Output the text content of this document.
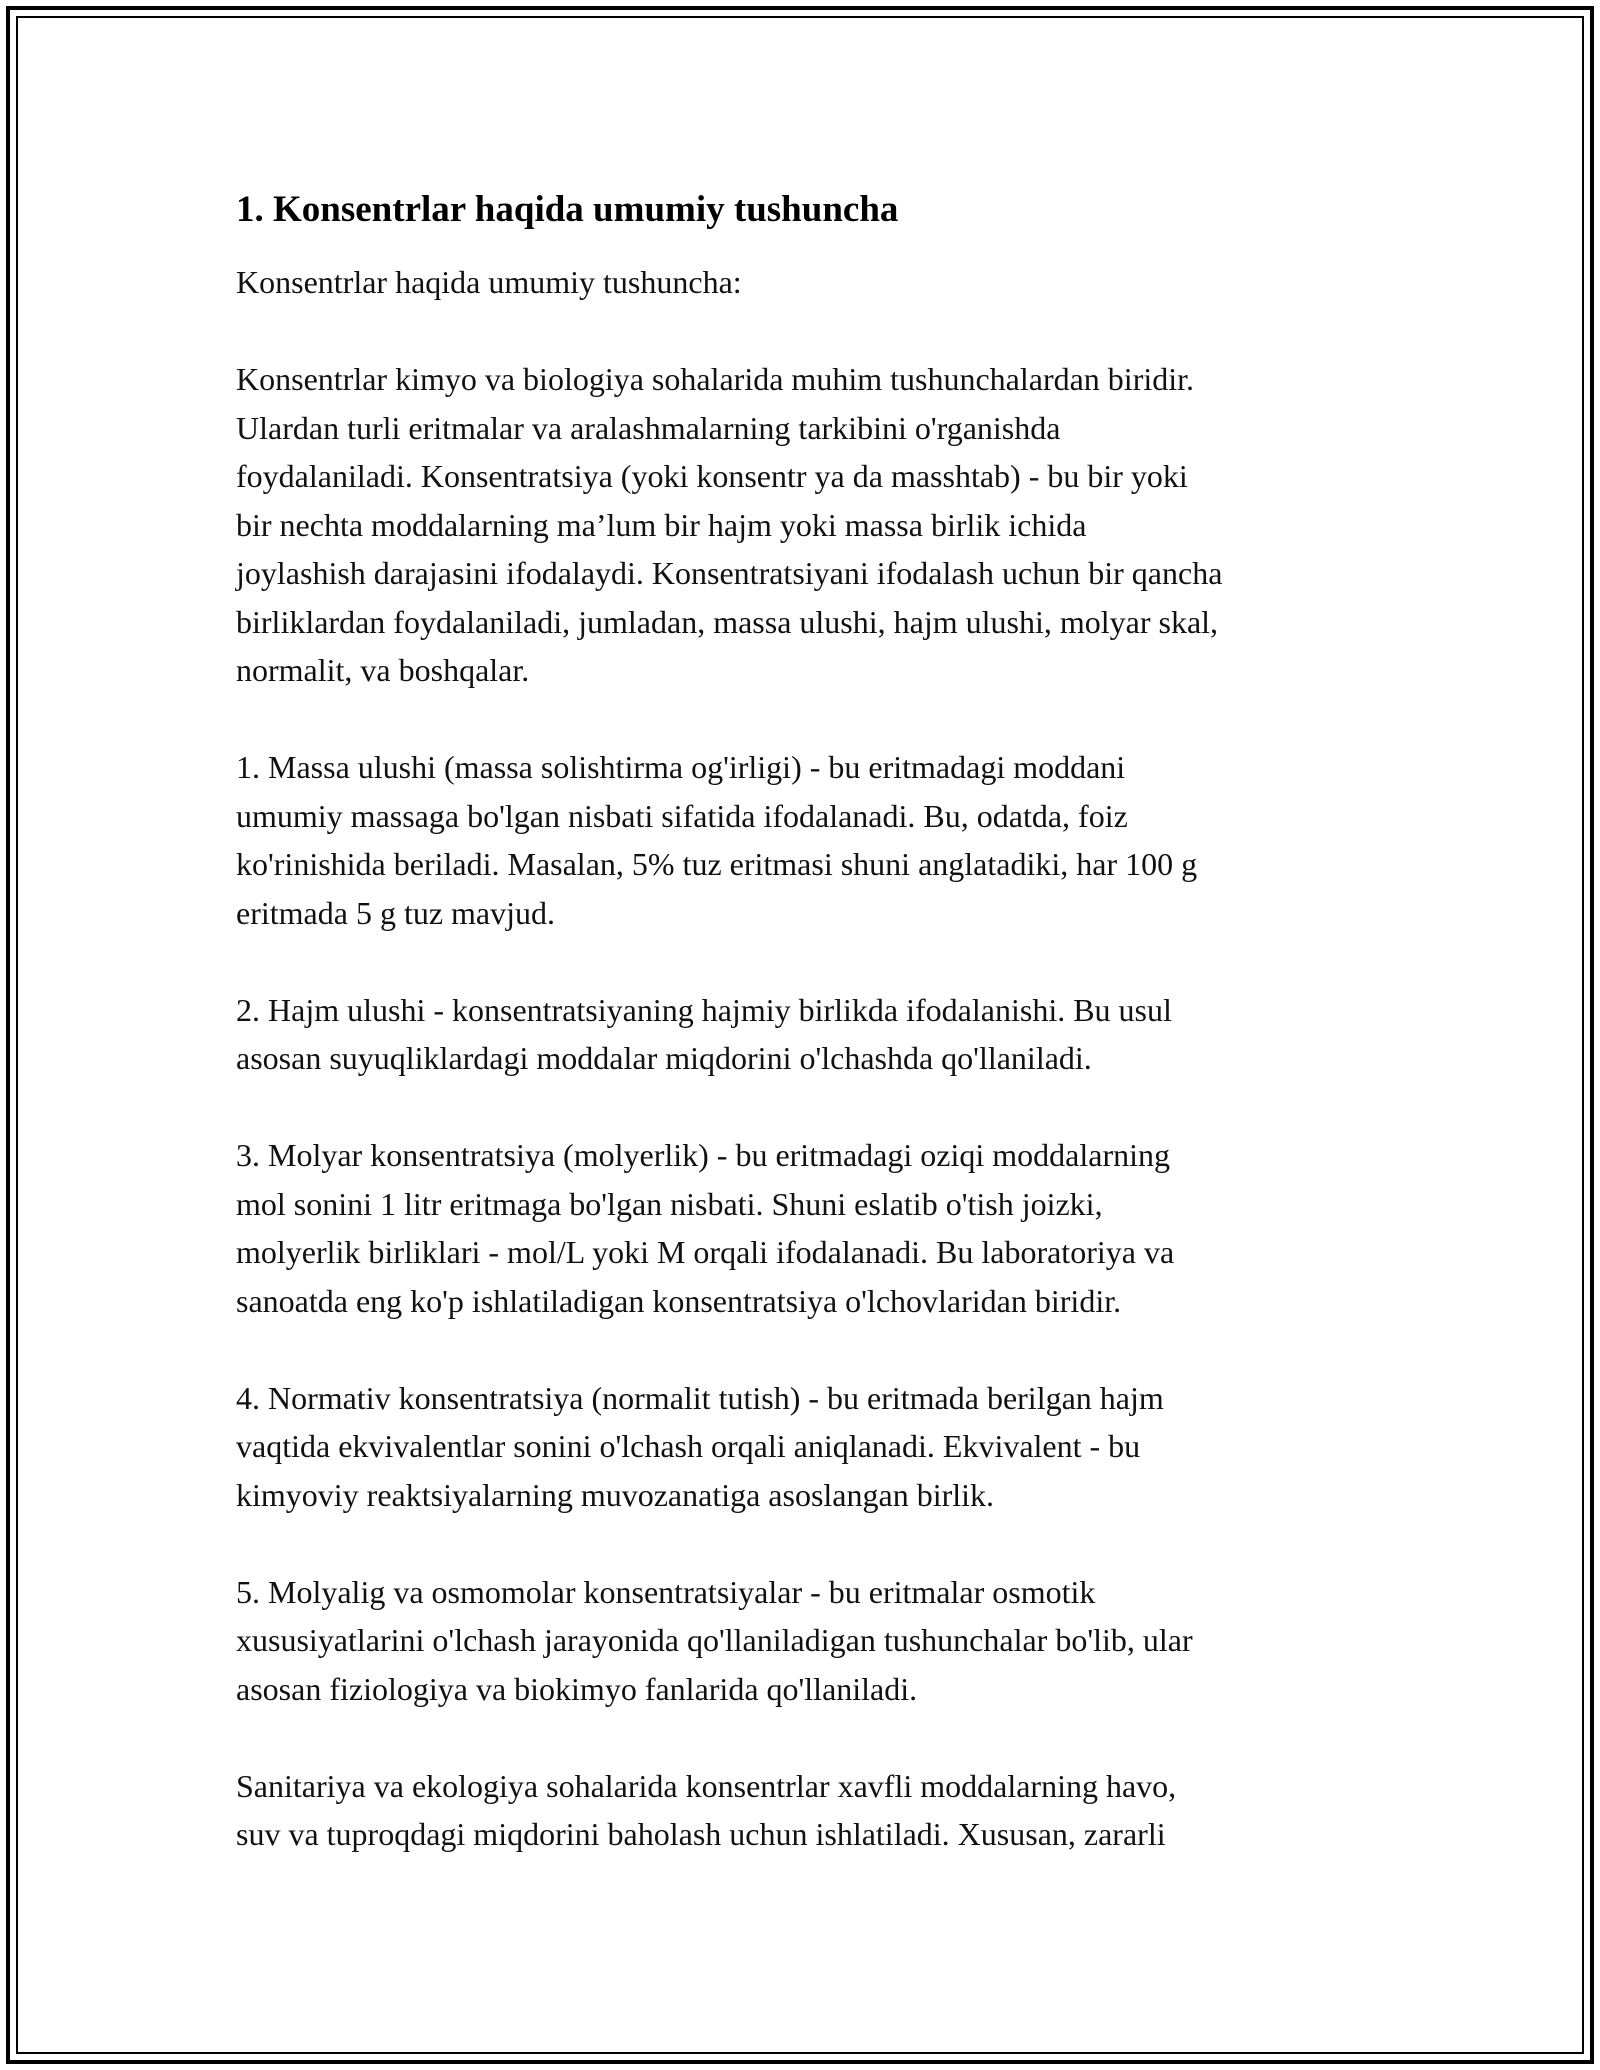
1. Konsentrlar haqida umumiy tushuncha
Konsentrlar haqida umumiy tushuncha:
Konsentrlar kimyo va biologiya sohalarida muhim tushunchalardan biridir.
Ulardan turli eritmalar va aralashmalarning tarkibini o'rganishda
foydalaniladi. Konsentratsiya (yoki konsentr ya da masshtab) - bu bir yoki
bir nechta moddalarning ma’lum bir hajm yoki massa birlik ichida
joylashish darajasini ifodalaydi. Konsentratsiyani ifodalash uchun bir qancha
birliklardan foydalaniladi, jumladan, massa ulushi, hajm ulushi, molyar skal,
normalit, va boshqalar.
1. Massa ulushi (massa solishtirma og'irligi) - bu eritmadagi moddani
umumiy massaga bo'lgan nisbati sifatida ifodalanadi. Bu, odatda, foiz
ko'rinishida beriladi. Masalan, 5% tuz eritmasi shuni anglatadiki, har 100 g
eritmada 5 g tuz mavjud.
2. Hajm ulushi - konsentratsiyaning hajmiy birlikda ifodalanishi. Bu usul
asosan suyuqliklardagi moddalar miqdorini o'lchashda qo'llaniladi.
3. Molyar konsentratsiya (molyerlik) - bu eritmadagi oziqi moddalarning
mol sonini 1 litr eritmaga bo'lgan nisbati. Shuni eslatib o'tish joizki,
molyerlik birliklari - mol/L yoki M orqali ifodalanadi. Bu laboratoriya va
sanoatda eng ko'p ishlatiladigan konsentratsiya o'lchovlaridan biridir.
4. Normativ konsentratsiya (normalit tutish) - bu eritmada berilgan hajm
vaqtida ekvivalentlar sonini o'lchash orqali aniqlanadi. Ekvivalent - bu
kimyoviy reaktsiyalarning muvozanatiga asoslangan birlik.
5. Molyalig va osmomolar konsentratsiyalar - bu eritmalar osmotik
xususiyatlarini o'lchash jarayonida qo'llaniladigan tushunchalar bo'lib, ular
asosan fiziologiya va biokimyo fanlarida qo'llaniladi.
Sanitariya va ekologiya sohalarida konsentrlar xavfli moddalarning havo,
suv va tuproqdagi miqdorini baholash uchun ishlatiladi. Xususan, zararli
